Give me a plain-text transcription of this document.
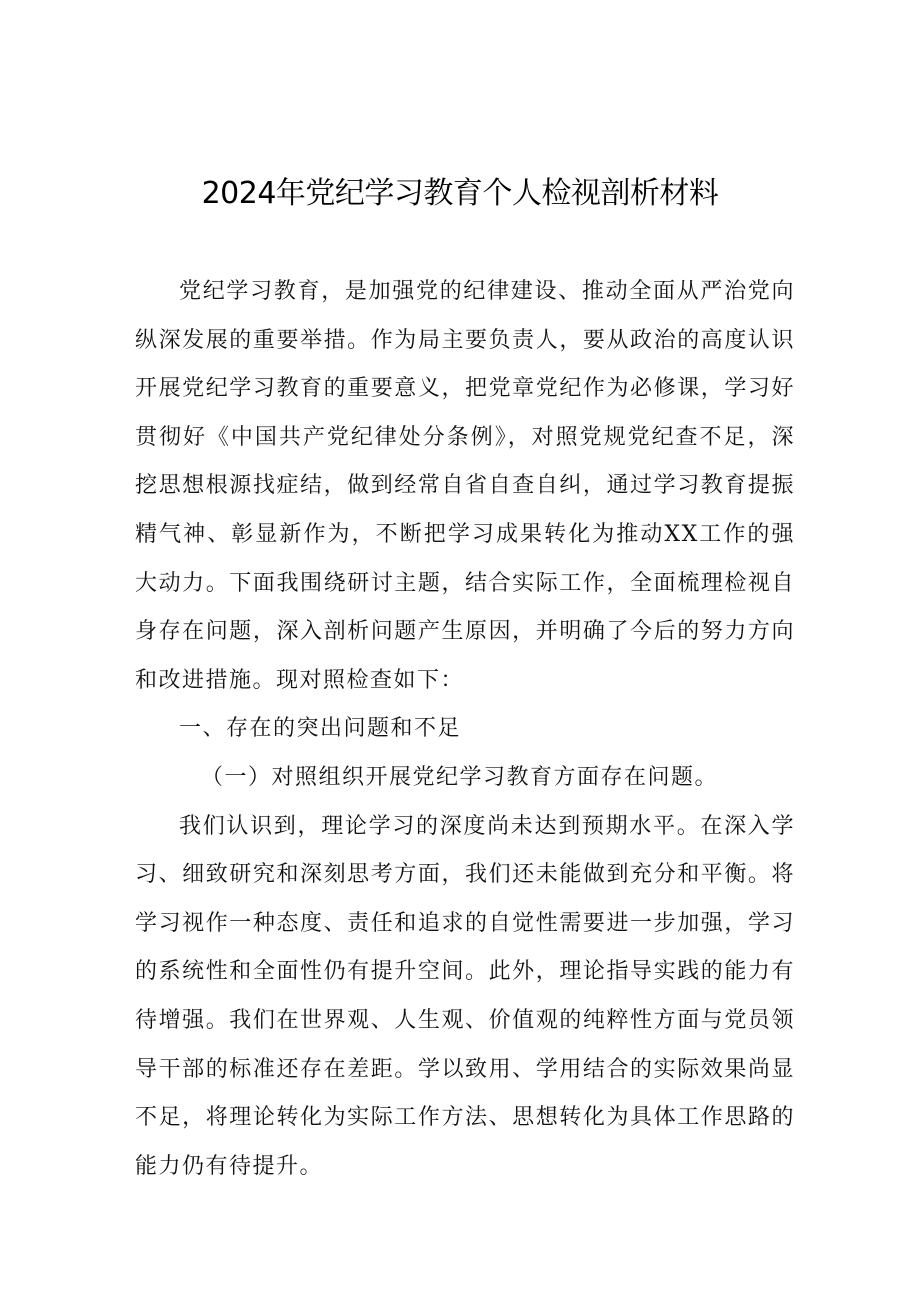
2024年党纪学习教育个人检视剖析材料

党纪学习教育，是加强党的纪律建设、推动全面从严治党向纵深发展的重要举措。作为局主要负责人，要从政治的高度认识开展党纪学习教育的重要意义，把党章党纪作为必修课，学习好贯彻好《中国共产党纪律处分条例》，对照党规党纪查不足，深挖思想根源找症结，做到经常自省自查自纠，通过学习教育提振精气神、彰显新作为，不断把学习成果转化为推动XX工作的强大动力。下面我围绕研讨主题，结合实际工作，全面梳理检视自身存在问题，深入剖析问题产生原因，并明确了今后的努力方向和改进措施。现对照检查如下：

一、存在的突出问题和不足

（一）对照组织开展党纪学习教育方面存在问题。

我们认识到，理论学习的深度尚未达到预期水平。在深入学习、细致研究和深刻思考方面，我们还未能做到充分和平衡。将学习视作一种态度、责任和追求的自觉性需要进一步加强，学习的系统性和全面性仍有提升空间。此外，理论指导实践的能力有待增强。我们在世界观、人生观、价值观的纯粹性方面与党员领导干部的标准还存在差距。学以致用、学用结合的实际效果尚显不足，将理论转化为实际工作方法、思想转化为具体工作思路的能力仍有待提升。
